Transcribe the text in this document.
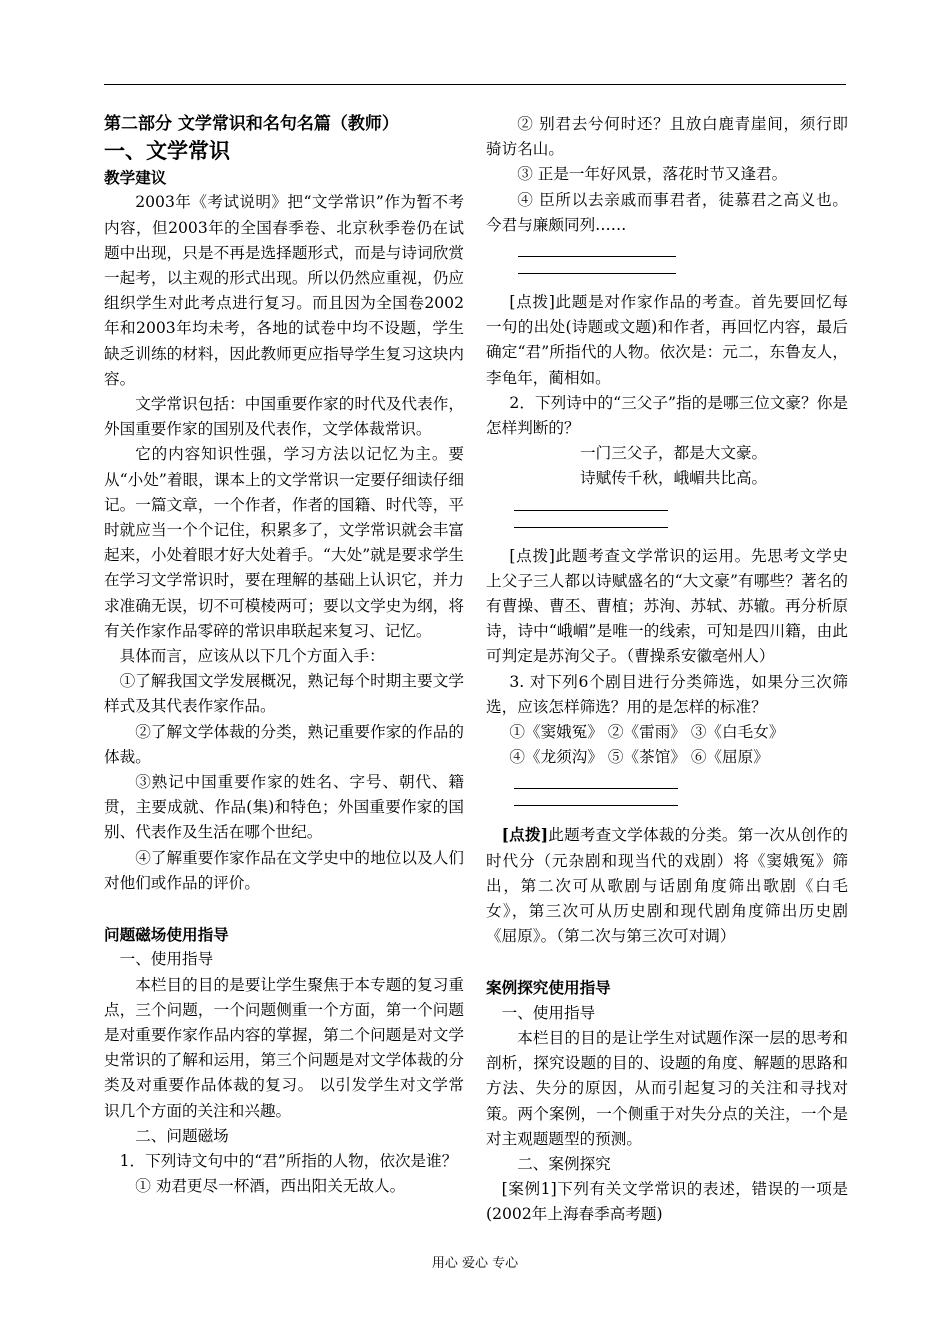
第二部分 文学常识和名句名篇（教师）

一、文学常识

教学建议

2003年《考试说明》把“文学常识”作为暂不考内容，但2003年的全国春季卷、北京秋季卷仍在试题中出现，只是不再是选择题形式，而是与诗词欣赏一起考，以主观的形式出现。所以仍然应重视，仍应组织学生对此考点进行复习。而且因为全国卷2002年和2003年均未考，各地的试卷中均不设题，学生缺乏训练的材料，因此教师更应指导学生复习这块内容。

文学常识包括：中国重要作家的时代及代表作，外国重要作家的国别及代表作，文学体裁常识。

它的内容知识性强，学习方法以记忆为主。要从“小处”着眼，课本上的文学常识一定要仔细读仔细记。一篇文章，一个作者，作者的国籍、时代等，平时就应当一个个记住，积累多了，文学常识就会丰富起来，小处着眼才好大处着手。“大处”就是要求学生在学习文学常识时，要在理解的基础上认识它，并力求准确无误，切不可模棱两可；要以文学史为纲，将有关作家作品零碎的常识串联起来复习、记忆。

具体而言，应该从以下几个方面入手：

①了解我国文学发展概况，熟记每个时期主要文学样式及其代表作家作品。

②了解文学体裁的分类，熟记重要作家的作品的体裁。

③熟记中国重要作家的姓名、字号、朝代、籍贯，主要成就、作品(集)和特色；外国重要作家的国别、代表作及生活在哪个世纪。

④了解重要作家作品在文学史中的地位以及人们对他们或作品的评价。

问题磁场使用指导

一、使用指导

本栏目的目的是要让学生聚焦于本专题的复习重点，三个问题，一个问题侧重一个方面，第一个问题是对重要作家作品内容的掌握，第二个问题是对文学史常识的了解和运用，第三个问题是对文学体裁的分类及对重要作品体裁的复习。 以引发学生对文学常识几个方面的关注和兴趣。

二、问题磁场

1．下列诗文句中的“君”所指的人物，依次是谁？

① 劝君更尽一杯酒，西出阳关无故人。

② 别君去兮何时还？且放白鹿青崖间，须行即骑访名山。

③ 正是一年好风景，落花时节又逢君。

④ 臣所以去亲戚而事君者，徒慕君之高义也。今君与廉颇同列……

[点拨]此题是对作家作品的考查。首先要回忆每一句的出处(诗题或文题)和作者，再回忆内容，最后确定“君”所指代的人物。依次是：元二，东鲁友人，李龟年，蔺相如。

2．下列诗中的“三父子”指的是哪三位文豪？你是怎样判断的？

一门三父子，都是大文豪。

诗赋传千秋，峨嵋共比高。

[点拨]此题考查文学常识的运用。先思考文学史上父子三人都以诗赋盛名的“大文豪”有哪些？著名的有曹操、曹丕、曹植；苏洵、苏轼、苏辙。再分析原诗，诗中“峨嵋”是唯一的线索，可知是四川籍，由此可判定是苏洵父子。（曹操系安徽亳州人）

3. 对下列6个剧目进行分类筛选，如果分三次筛选，应该怎样筛选？用的是怎样的标准？

①《窦娥冤》 ②《雷雨》 ③《白毛女》

④《龙须沟》 ⑤《茶馆》 ⑥《屈原》

[点拨]此题考查文学体裁的分类。第一次从创作的时代分（元杂剧和现当代的戏剧）将《窦娥冤》筛出，第二次可从歌剧与话剧角度筛出歌剧《白毛女》，第三次可从历史剧和现代剧角度筛出历史剧《屈原》。（第二次与第三次可对调）

案例探究使用指导

一、使用指导

本栏目的目的是让学生对试题作深一层的思考和剖析，探究设题的目的、设题的角度、解题的思路和方法、失分的原因，从而引起复习的关注和寻找对策。两个案例，一个侧重于对失分点的关注，一个是对主观题题型的预测。

二、案例探究

[案例1]下列有关文学常识的表述，错误的一项是(2002年上海春季高考题)

用心 爱心 专心
